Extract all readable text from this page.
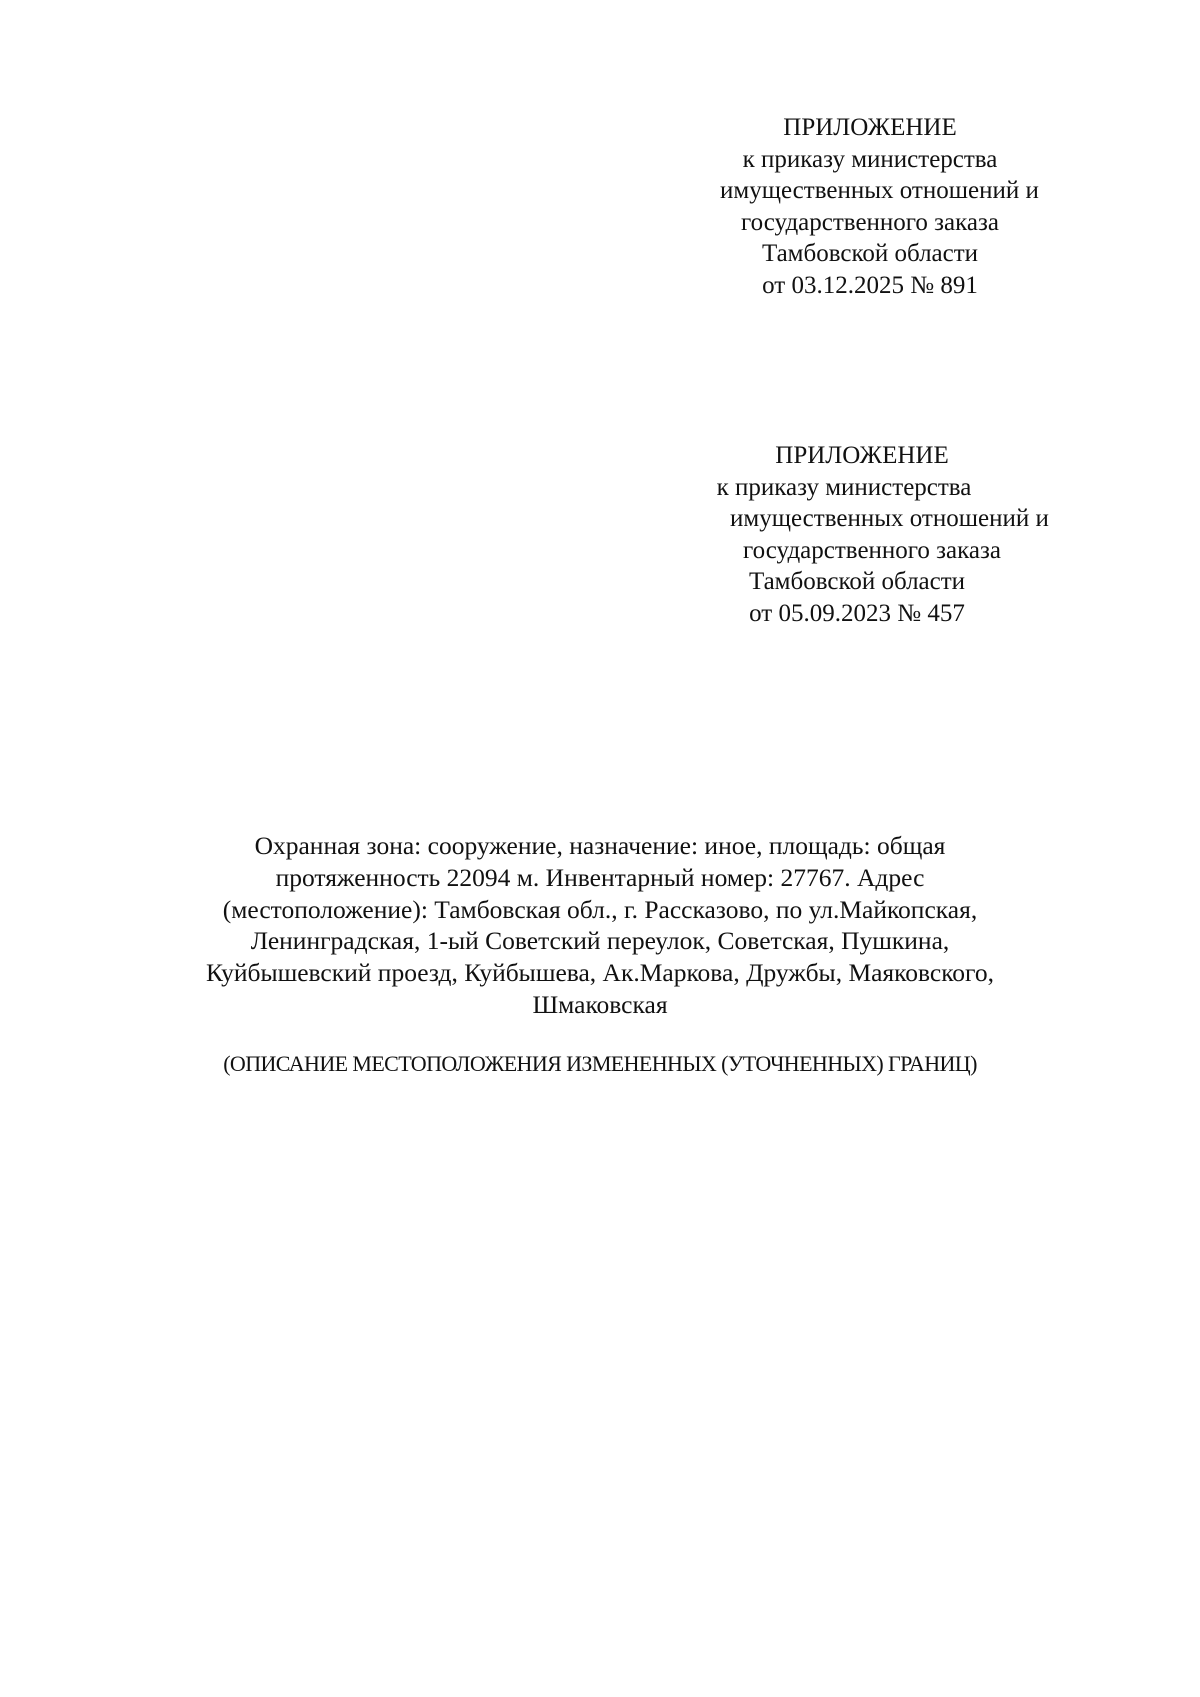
ПРИЛОЖЕНИЕ
к приказу министерства
имущественных отношений и
государственного заказа
Тамбовской области
от 03.12.2025 № 891
ПРИЛОЖЕНИЕ
к приказу министерства
имущественных отношений и
государственного заказа
Тамбовской области
от 05.09.2023 № 457
Охранная зона: сооружение, назначение: иное, площадь: общая
протяженность 22094 м. Инвентарный номер: 27767. Адрес
(местоположение): Тамбовская обл., г. Рассказово, по ул.Майкопская,
Ленинградская, 1-ый Советский переулок, Советская, Пушкина,
Куйбышевский проезд, Куйбышева, Ак.Маркова, Дружбы, Маяковского,
Шмаковская
(ОПИСАНИЕ МЕСТОПОЛОЖЕНИЯ ИЗМЕНЕННЫХ (УТОЧНЕННЫХ) ГРАНИЦ)
